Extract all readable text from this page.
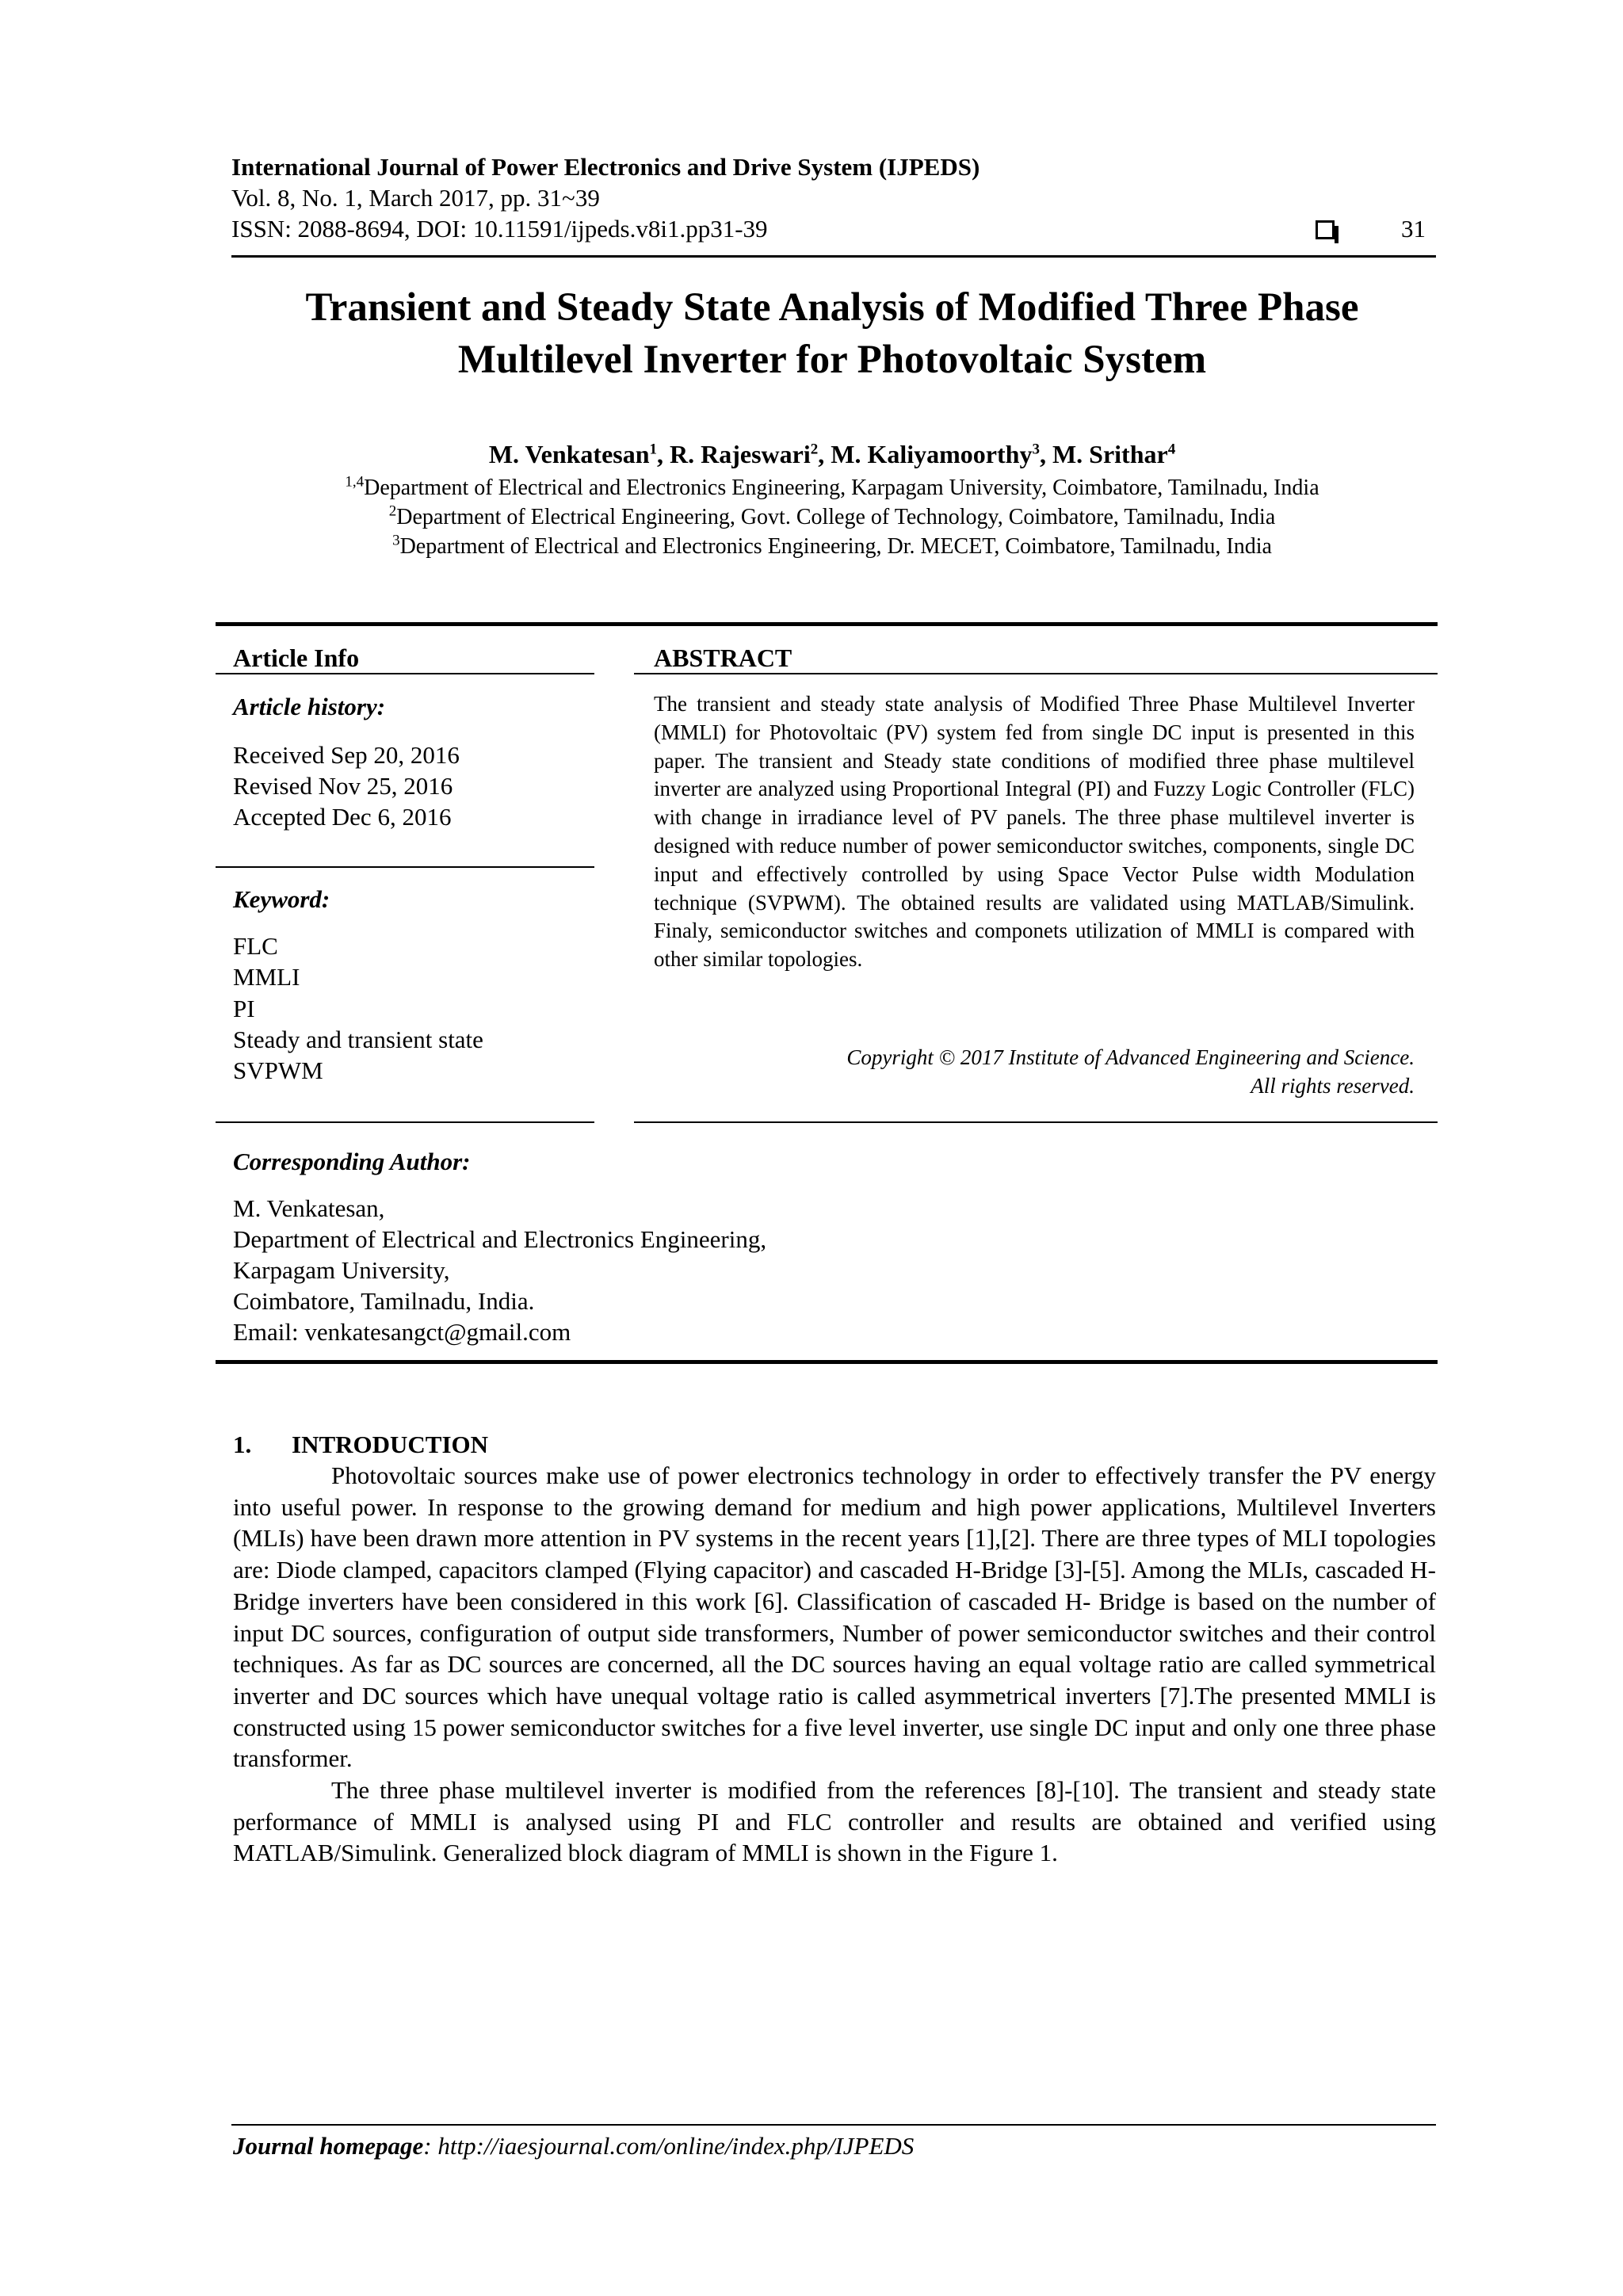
International Journal of Power Electronics and Drive System (IJPEDS)
Vol. 8, No. 1, March 2017, pp. 31~39
ISSN: 2088-8694, DOI: 10.11591/ijpeds.v8i1.pp31-39	31
Transient and Steady State Analysis of Modified Three Phase
Multilevel Inverter for Photovoltaic System
M. Venkatesan$^1$, R. Rajeswari$^2$, M. Kaliyamoorthy$^3$, M. Srithar$^4$
$^{1,4}$Department of Electrical and Electronics Engineering, Karpagam University, Coimbatore, Tamilnadu, India
$^2$Department of Electrical Engineering, Govt. College of Technology, Coimbatore, Tamilnadu, India
$^3$Department of Electrical and Electronics Engineering, Dr. MECET, Coimbatore, Tamilnadu, India
Article Info
Article history:
Received Sep 20, 2016
Revised Nov 25, 2016
Accepted Dec 6, 2016
Keyword:
FLC
MMLI
PI
Steady and transient state
SVPWM
ABSTRACT
The transient and steady state analysis of Modified Three Phase Multilevel Inverter (MMLI) for Photovoltaic (PV) system fed from single DC input is presented in this paper. The transient and Steady state conditions of modified three phase multilevel inverter are analyzed using Proportional Integral (PI) and Fuzzy Logic Controller (FLC) with change in irradiance level of PV panels. The three phase multilevel inverter is designed with reduce number of power semiconductor switches, components, single DC input and effectively controlled by using Space Vector Pulse width Modulation technique (SVPWM). The obtained results are validated using MATLAB/Simulink. Finaly, semiconductor switches and componets utilization of MMLI is compared with other similar topologies.
Copyright © 2017 Institute of Advanced Engineering and Science.
All rights reserved.
Corresponding Author:
M. Venkatesan,
Department of Electrical and Electronics Engineering,
Karpagam University,
Coimbatore, Tamilnadu, India.
Email: venkatesangct@gmail.com
1. INTRODUCTION

Photovoltaic sources make use of power electronics technology in order to effectively transfer the PV energy into useful power. In response to the growing demand for medium and high power applications, Multilevel Inverters (MLIs) have been drawn more attention in PV systems in the recent years [1],[2]. There are three types of MLI topologies are: Diode clamped, capacitors clamped (Flying capacitor) and cascaded H-Bridge [3]-[5]. Among the MLIs, cascaded H-Bridge inverters have been considered in this work [6]. Classification of cascaded H- Bridge is based on the number of input DC sources, configuration of output side transformers, Number of power semiconductor switches and their control techniques. As far as DC sources are concerned, all the DC sources having an equal voltage ratio are called symmetrical inverter and DC sources which have unequal voltage ratio is called asymmetrical inverters [7].The presented MMLI is constructed using 15 power semiconductor switches for a five level inverter, use single DC input and only one three phase transformer.

The three phase multilevel inverter is modified from the references [8]-[10]. The transient and steady state performance of MMLI is analysed using PI and FLC controller and results are obtained and verified using MATLAB/Simulink. Generalized block diagram of MMLI is shown in the Figure 1.

Journal homepage: http://iaesjournal.com/online/index.php/IJPEDS
